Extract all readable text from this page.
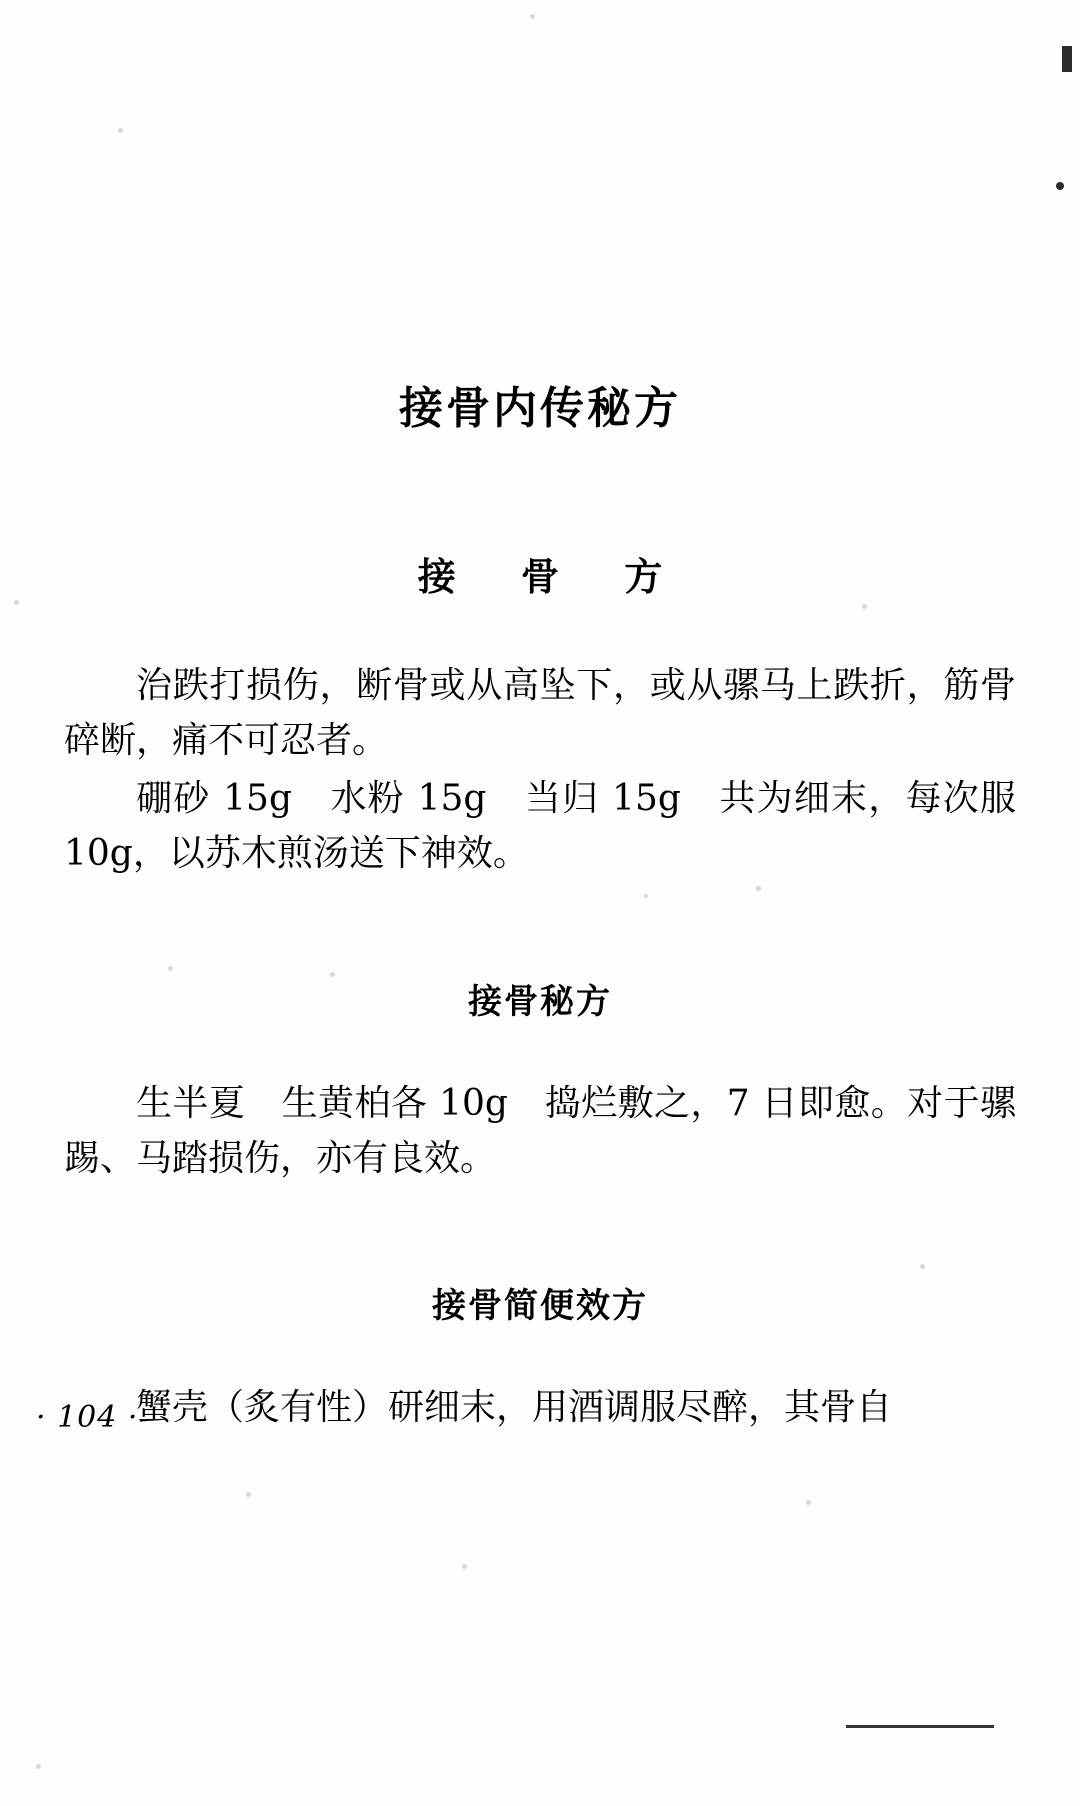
接骨内传秘方
接 骨 方

治跌打损伤，断骨或从高坠下，或从骡马上跌折，筋骨碎断，痛不可忍者。

硼砂 15g　水粉 15g　当归 15g　共为细末，每次服 10g，以苏木煎汤送下神效。

接骨秘方

生半夏　生黄柏各 10g　捣烂敷之，7 日即愈。对于骡踢、马踏损伤，亦有良效。

接骨简便效方

蟹壳（炙有性）研细末，用酒调服尽醉，其骨自

· 104 ·
